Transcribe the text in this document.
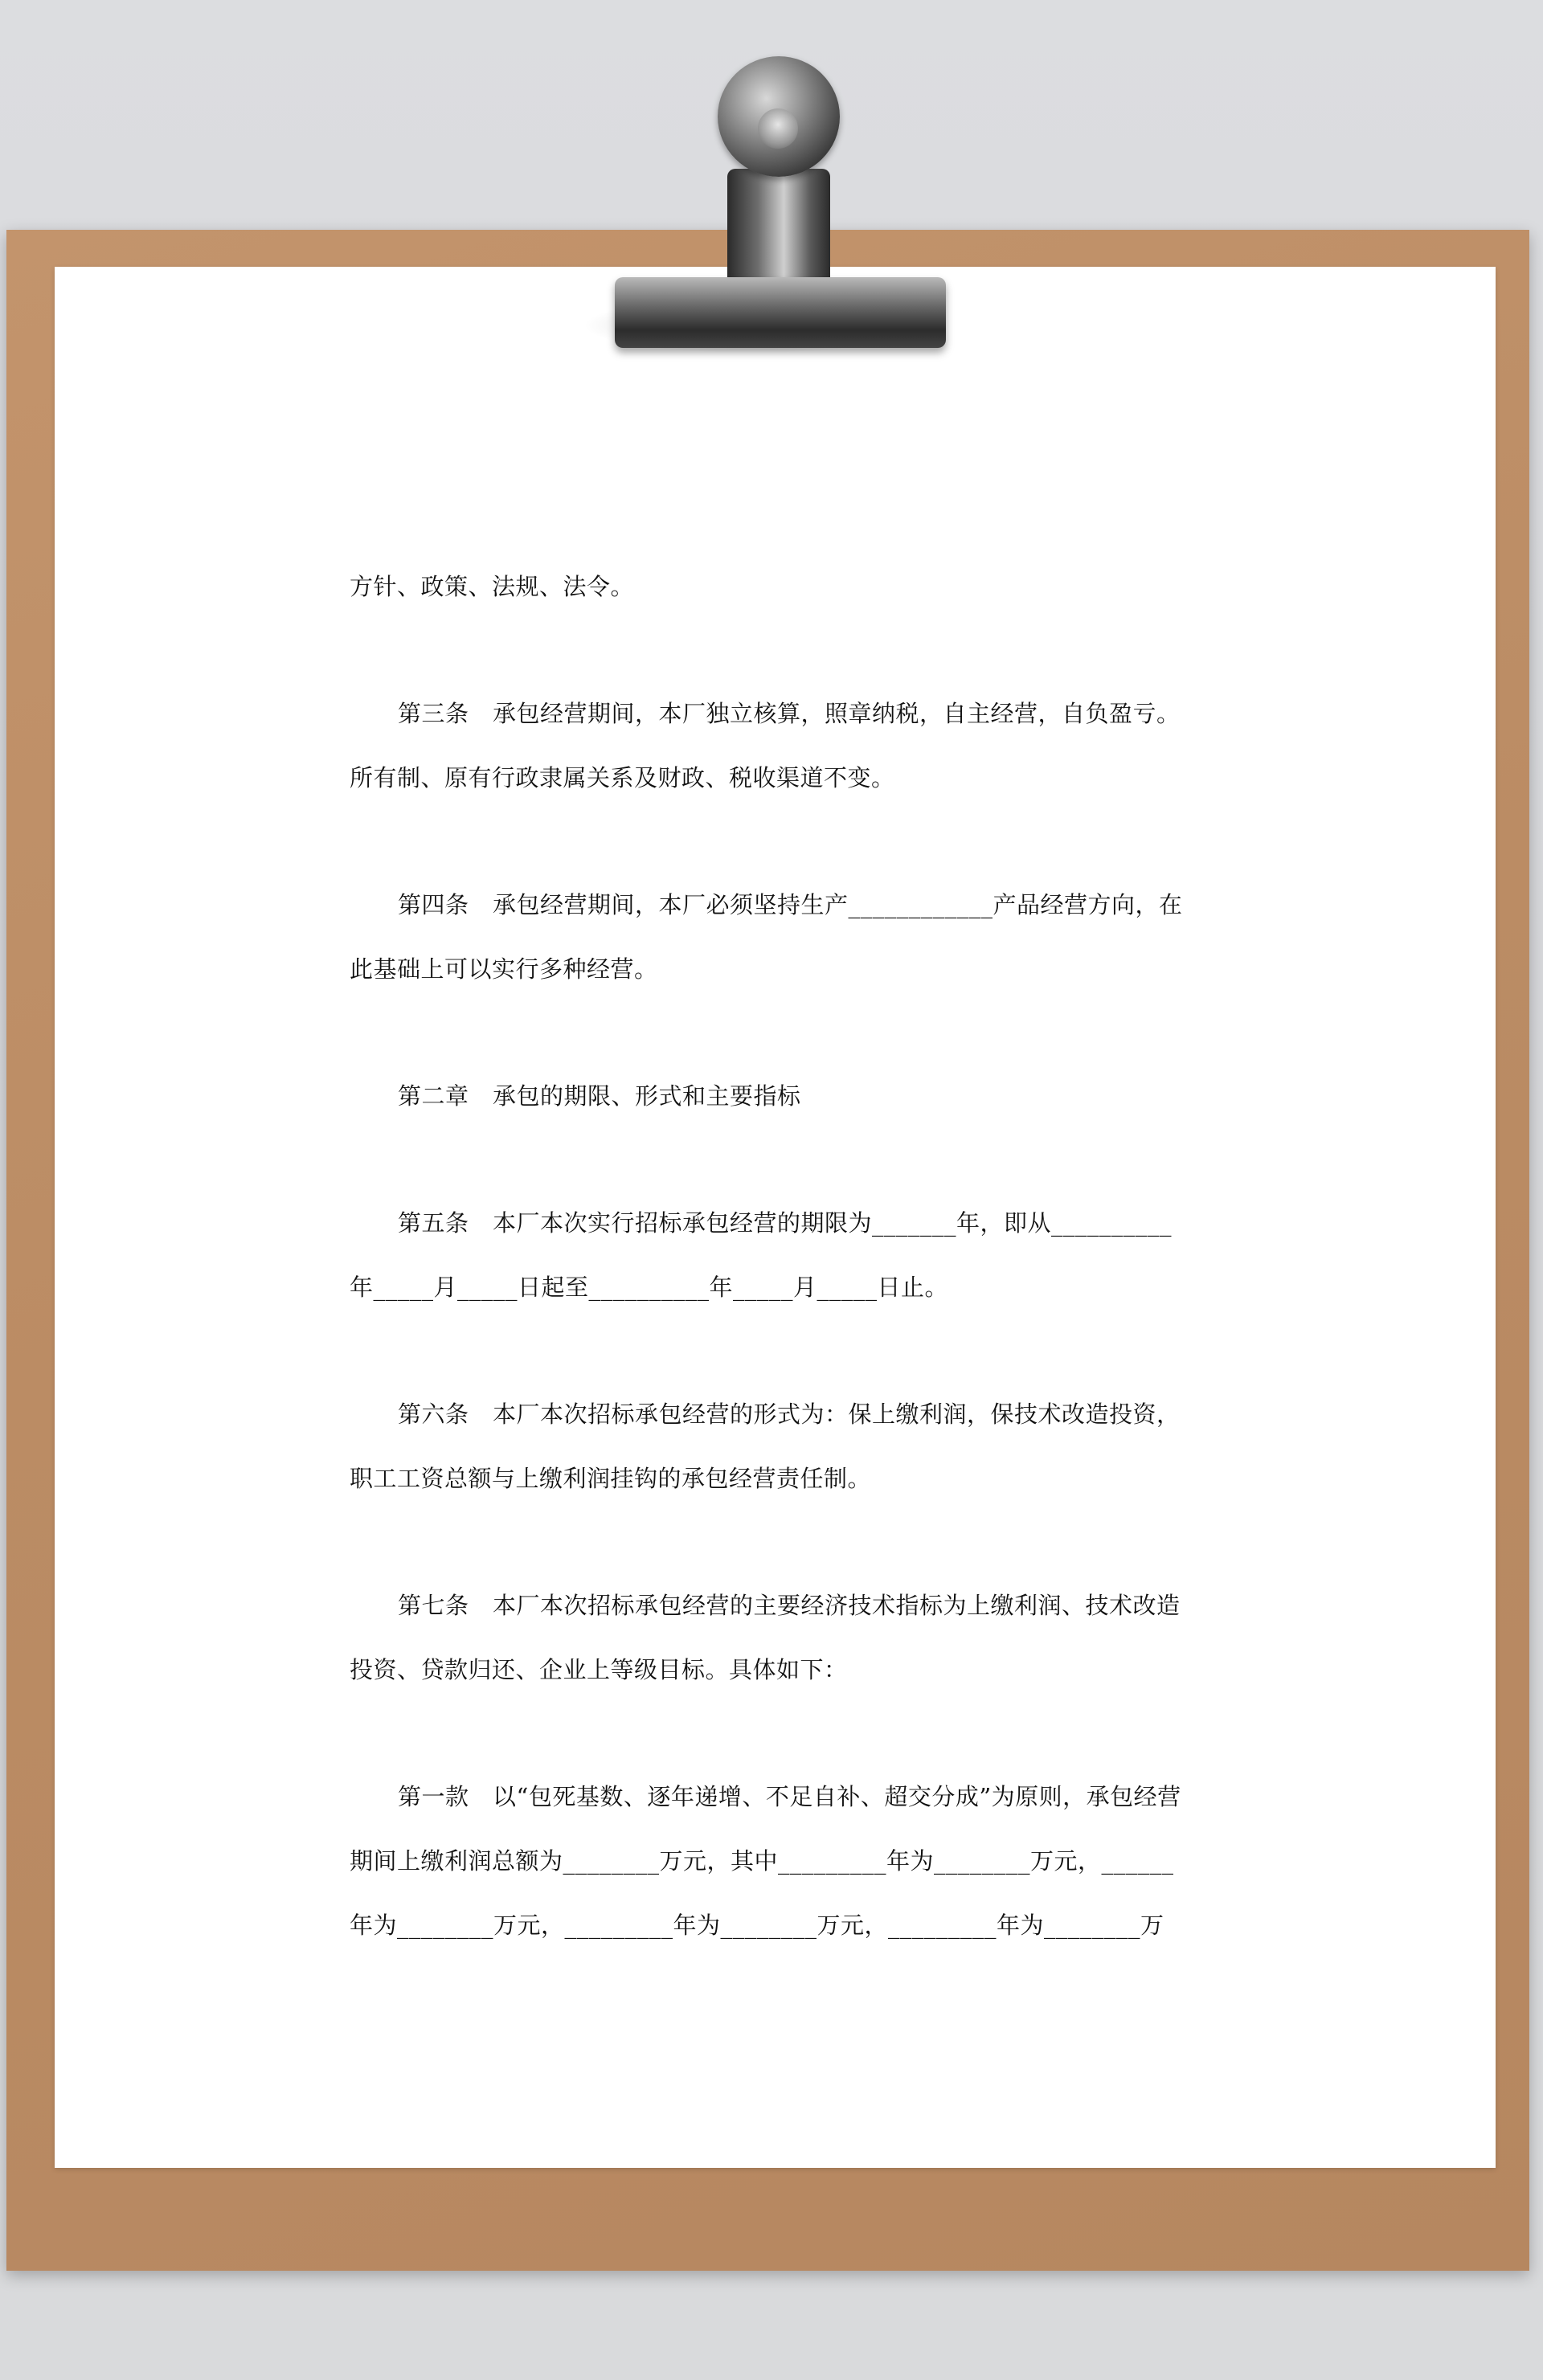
方针、政策、法规、法令。

第三条　承包经营期间，本厂独立核算，照章纳税，自主经营，自负盈亏。

所有制、原有行政隶属关系及财政、税收渠道不变。

第四条　承包经营期间，本厂必须坚持生产____________产品经营方向，在

此基础上可以实行多种经营。

第二章　承包的期限、形式和主要指标

第五条　本厂本次实行招标承包经营的期限为_______年，即从__________

年_____月_____日起至__________年_____月_____日止。

第六条　本厂本次招标承包经营的形式为：保上缴利润，保技术改造投资，

职工工资总额与上缴利润挂钩的承包经营责任制。

第七条　本厂本次招标承包经营的主要经济技术指标为上缴利润、技术改造

投资、贷款归还、企业上等级目标。具体如下：

第一款　以“包死基数、逐年递增、不足自补、超交分成”为原则，承包经营

期间上缴利润总额为________万元，其中_________年为________万元，______

年为________万元，_________年为________万元，_________年为________万
